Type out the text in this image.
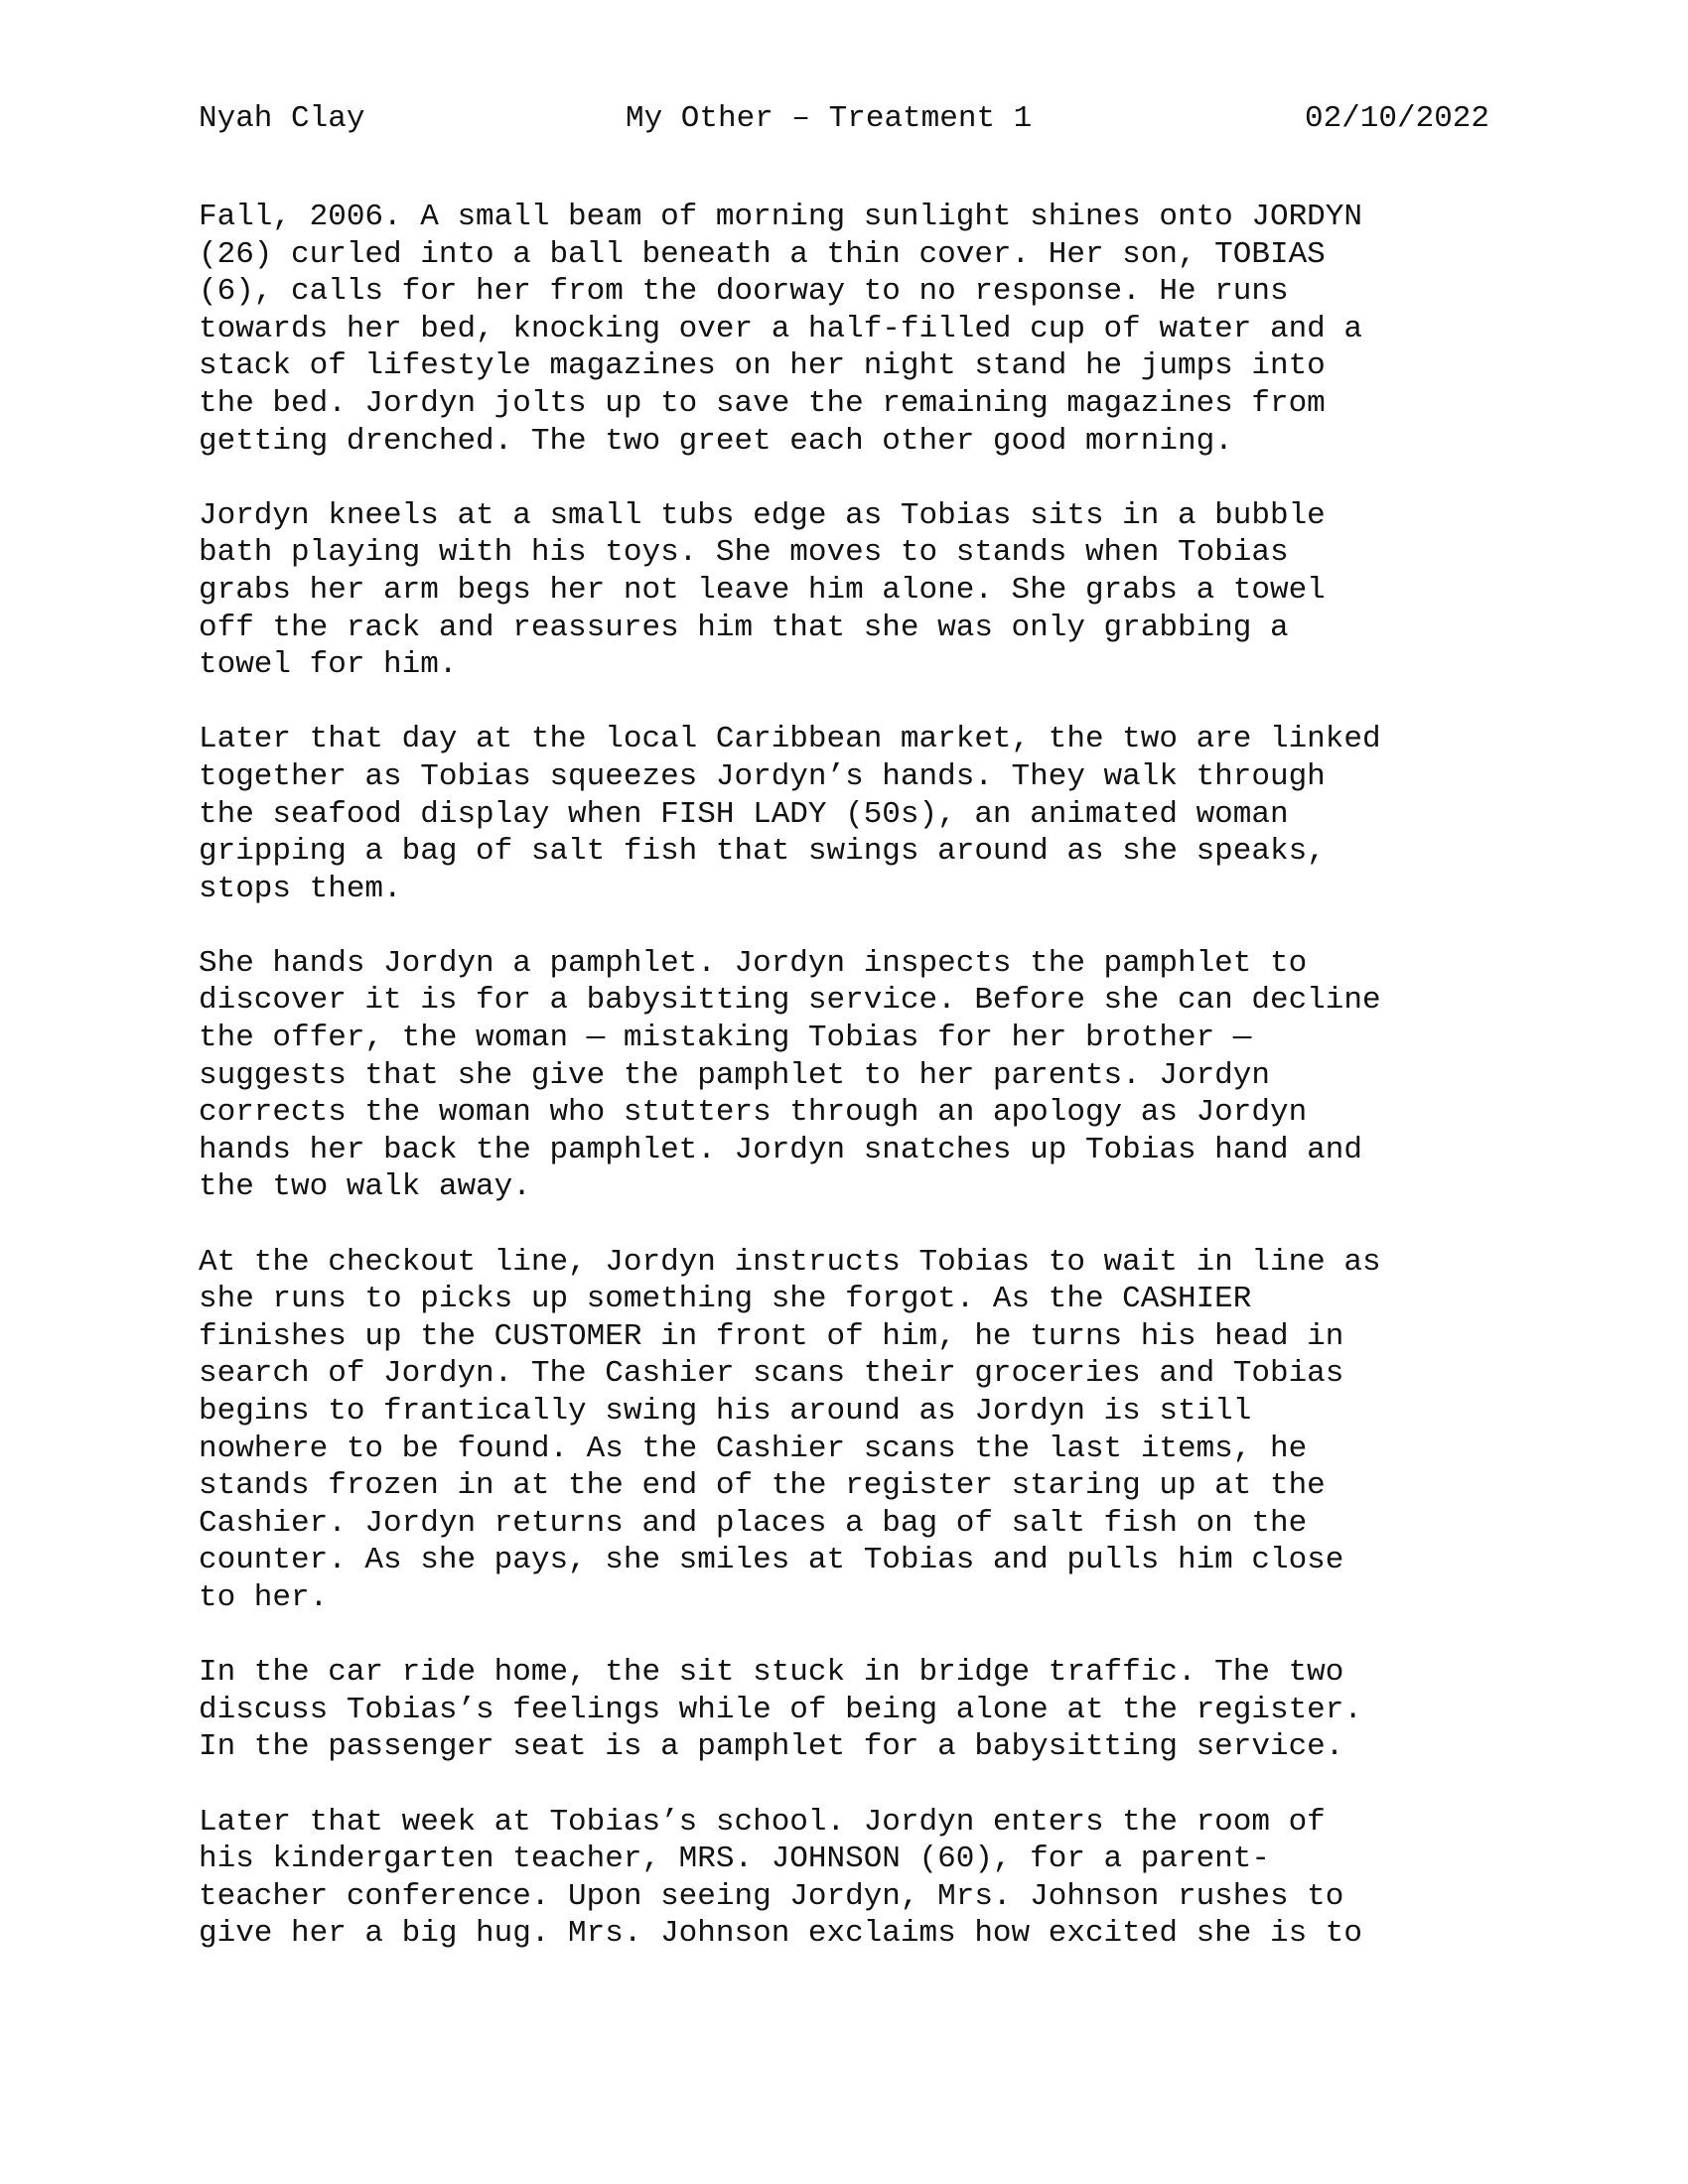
Nyah Clay	My Other – Treatment 1	02/10/2022
Fall, 2006. A small beam of morning sunlight shines onto JORDYN
(26) curled into a ball beneath a thin cover. Her son, TOBIAS
(6), calls for her from the doorway to no response. He runs
towards her bed, knocking over a half-filled cup of water and a
stack of lifestyle magazines on her night stand he jumps into
the bed. Jordyn jolts up to save the remaining magazines from
getting drenched. The two greet each other good morning.
Jordyn kneels at a small tubs edge as Tobias sits in a bubble
bath playing with his toys. She moves to stands when Tobias
grabs her arm begs her not leave him alone. She grabs a towel
off the rack and reassures him that she was only grabbing a
towel for him.
Later that day at the local Caribbean market, the two are linked
together as Tobias squeezes Jordyn’s hands. They walk through
the seafood display when FISH LADY (50s), an animated woman
gripping a bag of salt fish that swings around as she speaks,
stops them.
She hands Jordyn a pamphlet. Jordyn inspects the pamphlet to
discover it is for a babysitting service. Before she can decline
the offer, the woman — mistaking Tobias for her brother —
suggests that she give the pamphlet to her parents. Jordyn
corrects the woman who stutters through an apology as Jordyn
hands her back the pamphlet. Jordyn snatches up Tobias hand and
the two walk away.
At the checkout line, Jordyn instructs Tobias to wait in line as
she runs to picks up something she forgot. As the CASHIER
finishes up the CUSTOMER in front of him, he turns his head in
search of Jordyn. The Cashier scans their groceries and Tobias
begins to frantically swing his around as Jordyn is still
nowhere to be found. As the Cashier scans the last items, he
stands frozen in at the end of the register staring up at the
Cashier. Jordyn returns and places a bag of salt fish on the
counter. As she pays, she smiles at Tobias and pulls him close
to her.
In the car ride home, the sit stuck in bridge traffic. The two
discuss Tobias’s feelings while of being alone at the register.
In the passenger seat is a pamphlet for a babysitting service.
Later that week at Tobias’s school. Jordyn enters the room of
his kindergarten teacher, MRS. JOHNSON (60), for a parent-
teacher conference. Upon seeing Jordyn, Mrs. Johnson rushes to
give her a big hug. Mrs. Johnson exclaims how excited she is to
